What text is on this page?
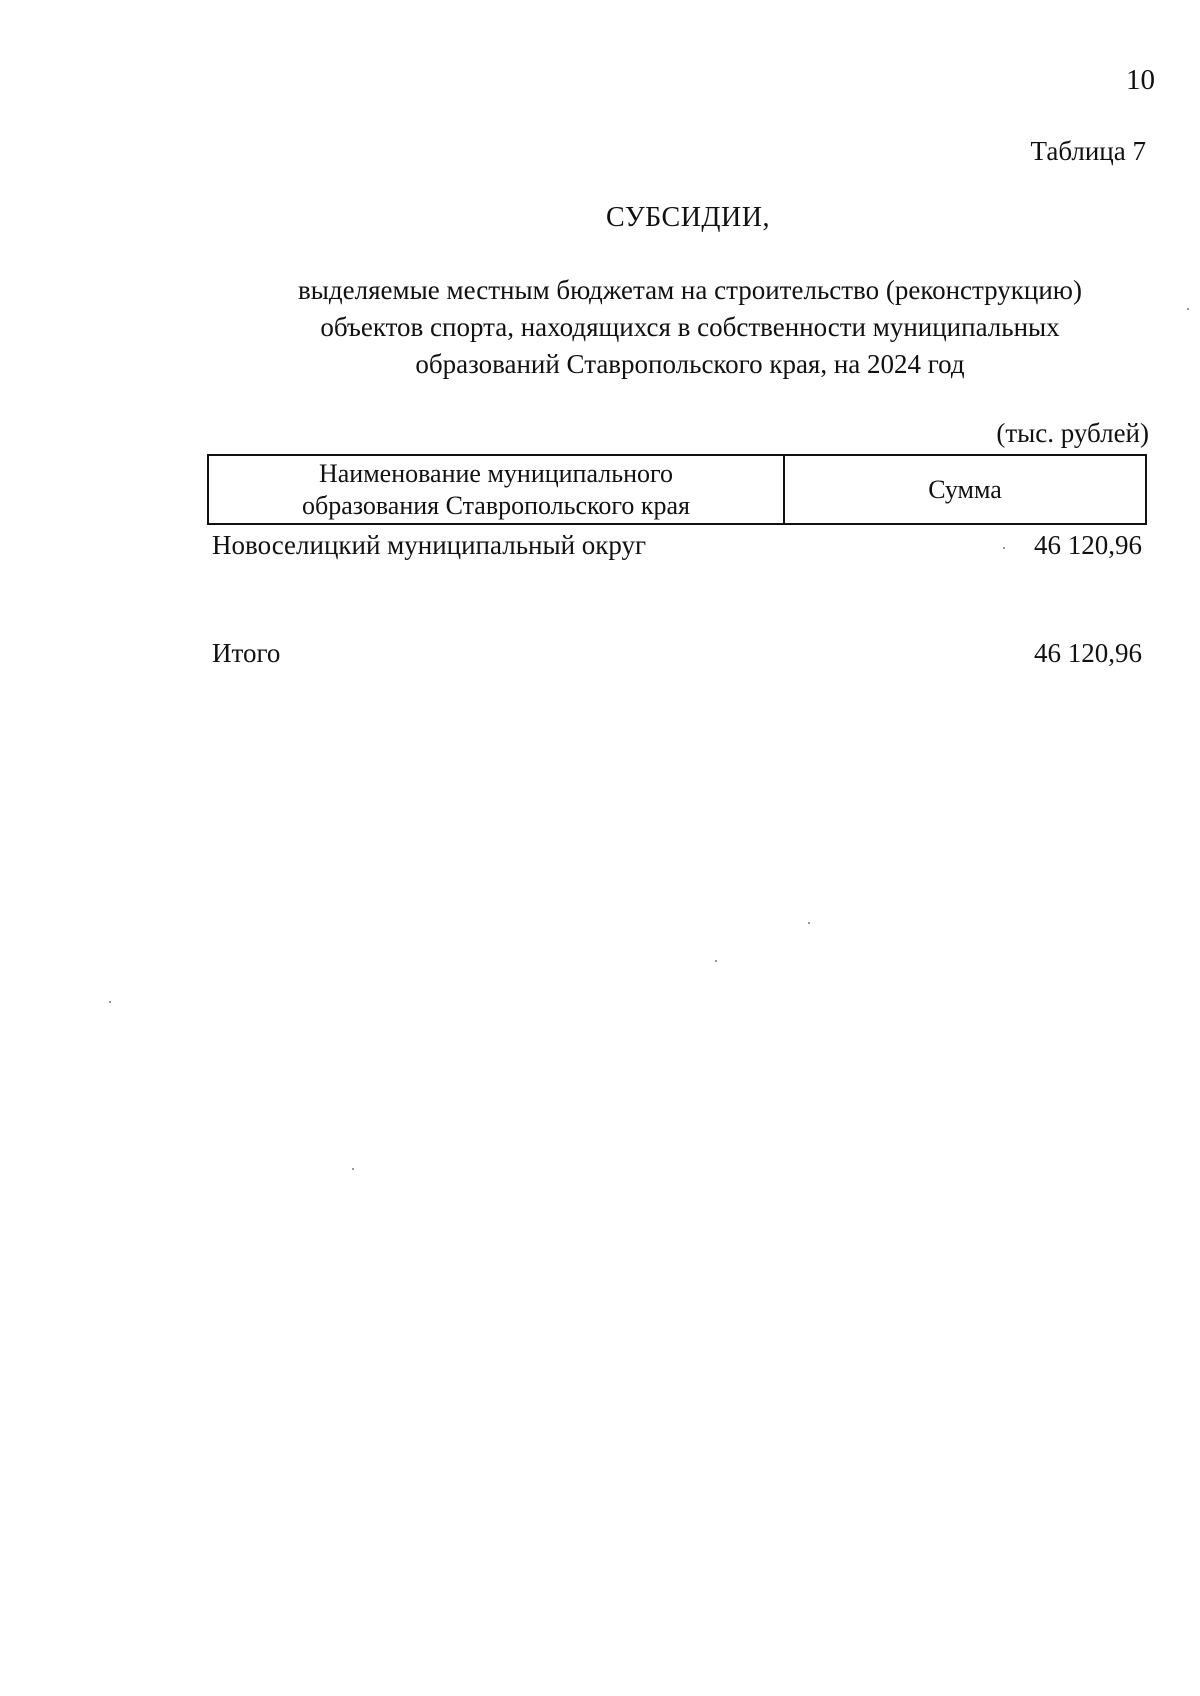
10
Таблица 7
СУБСИДИИ,
выделяемые местным бюджетам на строительство (реконструкцию)
объектов спорта, находящихся в собственности муниципальных
образований Ставропольского края, на 2024 год
(тыс. рублей)
Наименование муниципального
образования Ставропольского края
Сумма
Новоселицкий муниципальный округ	46 120,96
Итого	46 120,96
